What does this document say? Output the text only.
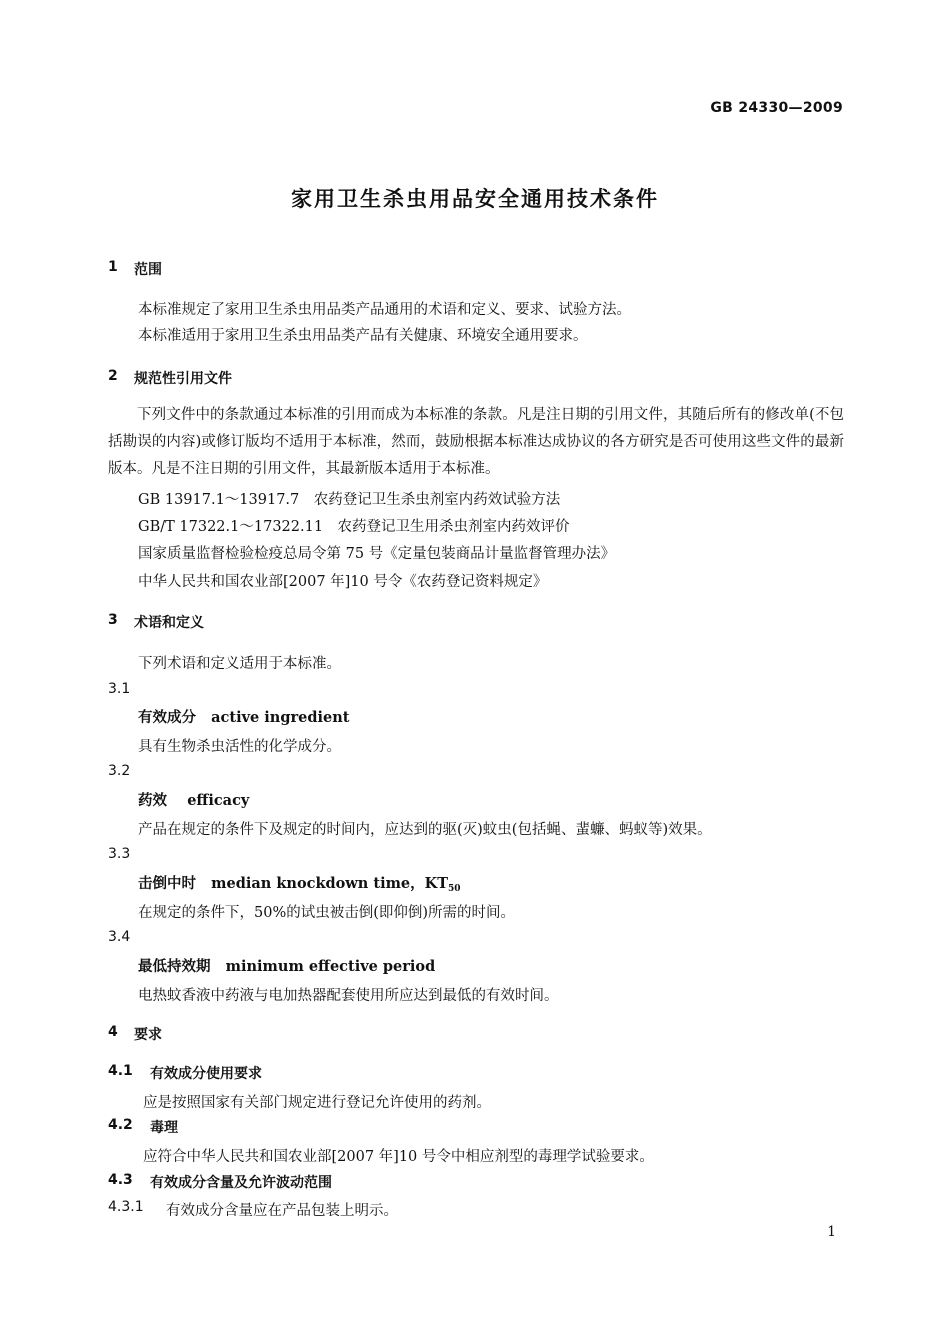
GB 24330—2009
家用卫生杀虫用品安全通用技术条件
1 范围
本标准规定了家用卫生杀虫用品类产品通用的术语和定义、要求、试验方法。
本标准适用于家用卫生杀虫用品类产品有关健康、环境安全通用要求。
2 规范性引用文件
下列文件中的条款通过本标准的引用而成为本标准的条款。凡是注日期的引用文件，其随后所有的修改单(不包括勘误的内容)或修订版均不适用于本标准，然而，鼓励根据本标准达成协议的各方研究是否可使用这些文件的最新版本。凡是不注日期的引用文件，其最新版本适用于本标准。
GB 13917.1～13917.7　农药登记卫生杀虫剂室内药效试验方法
GB/T 17322.1～17322.11　农药登记卫生用杀虫剂室内药效评价
国家质量监督检验检疫总局令第 75 号《定量包装商品计量监督管理办法》
中华人民共和国农业部[2007 年]10 号令《农药登记资料规定》
3 术语和定义
下列术语和定义适用于本标准。
3.1
有效成分 active ingredient
具有生物杀虫活性的化学成分。
3.2
药效 efficacy
产品在规定的条件下及规定的时间内，应达到的驱(灭)蚊虫(包括蝇、蜚蠊、蚂蚁等)效果。
3.3
击倒中时 median knockdown time，$KT_{50}$
在规定的条件下，50%的试虫被击倒(即仰倒)所需的时间。
3.4
最低持效期 minimum effective period
电热蚊香液中药液与电加热器配套使用所应达到最低的有效时间。
4 要求
4.1 有效成分使用要求
应是按照国家有关部门规定进行登记允许使用的药剂。
4.2 毒理
应符合中华人民共和国农业部[2007 年]10 号令中相应剂型的毒理学试验要求。
4.3 有效成分含量及允许波动范围
4.3.1 有效成分含量应在产品包装上明示。
1
